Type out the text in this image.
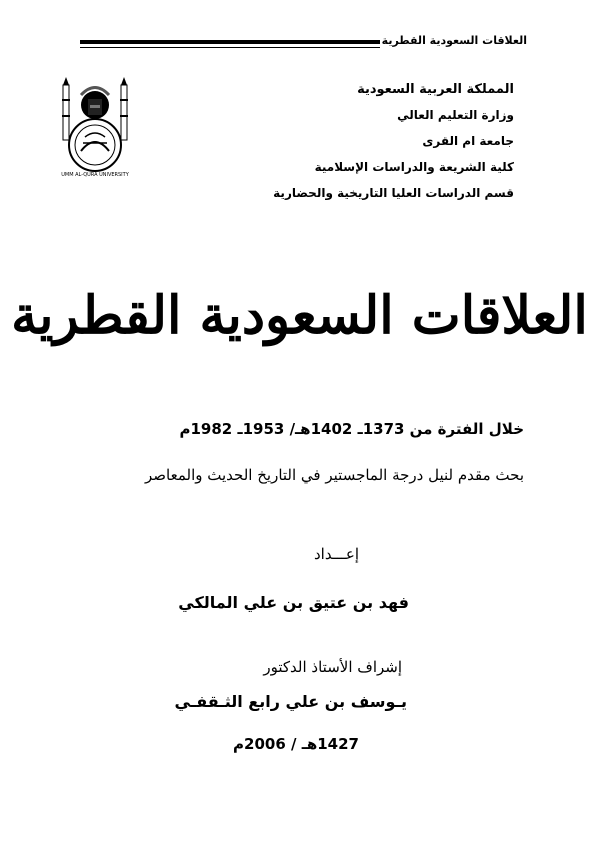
العلاقات السعودية القطرية
UMM AL-QURA UNIVERSITY
المملكة العربية السعودية
وزارة التعليم العالي
جامعة ام القرى
كلية الشريعة والدراسات الإسلامية
قسم الدراسات العليا التاريخية والحضارية
العلاقات السعودية القطرية
خلال الفترة من 1373ـ 1402هـ/ 1953ـ 1982م
بحث مقدم لنيل درجة الماجستير في التاريخ الحديث والمعاصر
إعـــداد
فهد بن عتيق بن علي المالكي
إشراف الأستاذ الدكتور
يـوسف بن علي رابع الثـقفـي
1427هـ / 2006م
